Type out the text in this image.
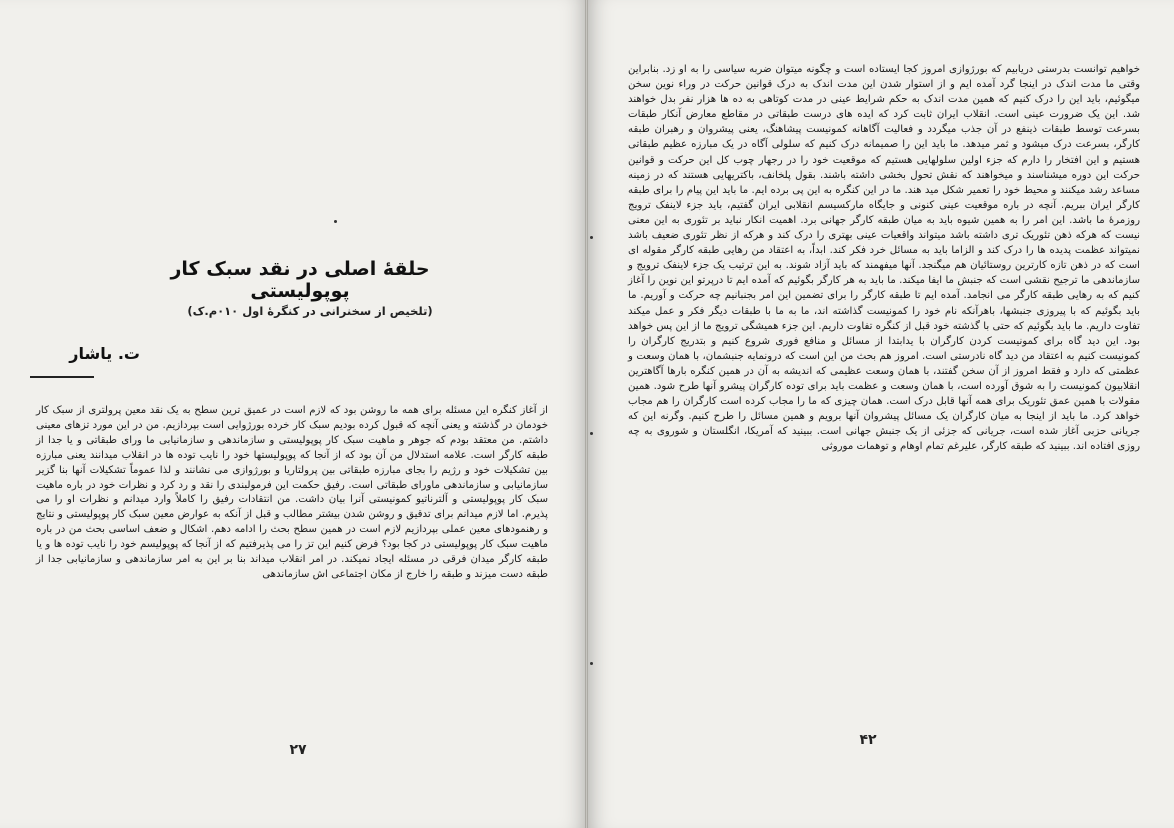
حلقهٔ اصلی در نقد سبک کار پوپولیستی
(تلخیص از سخنرانی در کنگرهٔ اول ۰۱۰م.ک)
ت. یاشار

از آغاز کنگره این مسئله برای همه ما روشن بود که لازم است در عمیق ترین سطح به یک نقد معین پرولتری از سبک کار خودمان در گذشته و یعنی آنچه که قبول کرده بودیم سبک کار خرده بورژوایی است بپردازیم. من در این مورد تزهای معینی داشتم. من معتقد بودم که جوهر و ماهیت سبک کار پوپولیستی و سازماندهی و سازمانیابی ما ورای طبقاتی و یا جدا از طبقه کارگر است. علامه استدلال من آن بود که از آنجا که پوپولیستها خود را نایب توده ها در انقلاب میدانند یعنی مبارزه بین تشکیلات خود و رژیم را بجای مبارزه طبقاتی بین پرولتاریا و بورژوازی می نشانند و لذا عموماً تشکیلات آنها بنا گزیر سازمانیابی و سازماندهی ماورای طبقاتی است. رفیق حکمت این فرمولبندی را نقد و رد کرد و نظرات خود در باره ماهیت سبک کار پوپولیستی و آلترناتیو کمونیستی آنرا بیان داشت. من انتقادات رفیق را کاملاً وارد میدانم و نظرات او را می پذیرم. اما لازم میدانم برای تدقیق و روشن شدن بیشتر مطالب و قبل از آنکه به عوارض معین سبک کار پوپولیستی و نتایج و رهنمودهای معین عملی بپردازیم لازم است در همین سطح بحث را ادامه دهم. اشکال و ضعف اساسی بحث من در باره ماهیت سبک کار پوپولیستی در کجا بود؟ فرض کنیم این تز را می پذیرفتیم که از آنجا که پوپولیسم خود را نایب توده ها و یا طبقه کارگر میدان فرقی در مسئله ایجاد نمیکند. در امر انقلاب میداند بنا بر این به امر سازماندهی و سازمانیابی جدا از طبقه دست میزند و طبقه را خارج از مکان اجتماعی اش سازماندهی

۲۷

خواهیم توانست بدرستی دریابیم که بورژوازی امروز کجا ایستاده است و چگونه میتوان ضربه سیاسی را به او زد. بنابراین وقتی ما مدت اندک در اینجا گرد آمده ایم و از استوار شدن این مدت اندک به درک قوانین حرکت در وراء نوین سخن میگوئیم، باید این را درک کنیم که همین مدت اندک به حکم شرایط عینی در مدت کوتاهی به ده ها هزار نفر بدل خواهند شد. این یک ضرورت عینی است. انقلاب ایران ثابت کرد که ایده های درست طبقاتی در مقاطع معارض آنکار طبقات بسرعت توسط طبقات ذینفع در آن جذب میگردد و فعالیت آگاهانه کمونیست پیشاهنگ، یعنی پیشروان و رهبران طبقه کارگر، بسرعت درک میشود و ثمر میدهد. ما باید این را صمیمانه درک کنیم که سلولی آگاه در یک مبارزه عظیم طبقاتی هستیم و این افتخار را دارم که جزء اولین سلولهایی هستیم که موقعیت خود را در رجهار چوب کل این حرکت و قوانین حرکت این دوره میشناسند و میخواهند که نقش تحول بخشی داشته باشند. بقول پلخانف، باکتریهایی هستند که در زمینه مساعد رشد میکنند و محیط خود را تعمیر شکل مید هند. ما در این کنگره به این پی برده ایم. ما باید این پیام را برای طبقه کارگر ایران ببریم. آنچه در باره موقعیت عینی کنونی و جایگاه مارکسیسم انقلابی ایران گفتیم، باید جزء لاینفک ترویج روزمرهٔ ما باشد. این امر را به همین شیوه باید به میان طبقه کارگر جهانی برد. اهمیت انکار نباید بر تئوری به این معنی نیست که هرکه ذهن تئوریک تری داشته باشد میتواند واقعیات عینی بهتری را درک کند و هرکه از نظر تئوری ضعیف باشد نمیتواند عظمت پدیده ها را درک کند و الزاما باید به مسائل خرد فکر کند. ابداً، به اعتقاد من رهایی طبقه کارگر مقوله ای است که در ذهن تازه کارترین روستائیان هم میگنجد. آنها میفهمند که باید آزاد شوند. به این ترتیب یک جزء لاینفک ترویج و سازماندهی ما ترجیح نقشی است که جنبش ما ایفا میکند. ما باید به هر کارگر بگوئیم که آمده ایم تا درپرتو این نوین را آغاز کنیم که به رهایی طبقه کارگر می انجامد. آمده ایم تا طبقه کارگر را برای تضمین این امر بجنبانیم چه حرکت و آوریم. ما باید بگوئیم که با پیروزی جنبشها، باهرآنکه نام خود را کمونیست گذاشته اند، ما به ما با طبقات دیگر فکر و عمل میکند تفاوت داریم. ما باید بگوئیم که حتی با گذشته خود قبل از کنگره تفاوت داریم. این جزء همیشگی ترویج ما از این پس خواهد بود. این دید گاه برای کمونیست کردن کارگران با یدابتدا از مسائل و منافع فوری شروع کنیم و بتدریج کارگران را کمونیست کنیم به اعتقاد من دید گاه نادرستی است. امروز هم بحث من این است که درونمایه جنبشمان، با همان وسعت و عظمتی که دارد و فقط امروز از آن سخن گفتند، با همان وسعت عظیمی که اندیشه به آن در همین کنگره بارها آگاهترین انقلابیون کمونیست را به شوق آورده است، با همان وسعت و عظمت باید برای توده کارگران پیشرو آنها طرح شود. همین مقولات با همین عمق تئوریک برای همه آنها قابل درک است. همان چیزی که ما را مجاب کرده است کارگران را هم مجاب خواهد کرد. ما باید از اینجا به میان کارگران یک مسائل پیشروان آنها برویم و همین مسائل را طرح کنیم. وگرنه این که جریانی حزبی آغاز شده است، جریانی که جزئی از یک جنبش جهانی است. ببینید که آمریکا، انگلستان و شوروی به چه روزی افتاده اند. ببینید که طبقه کارگر، علیرغم تمام اوهام و توهمات موروثی

۴۲
